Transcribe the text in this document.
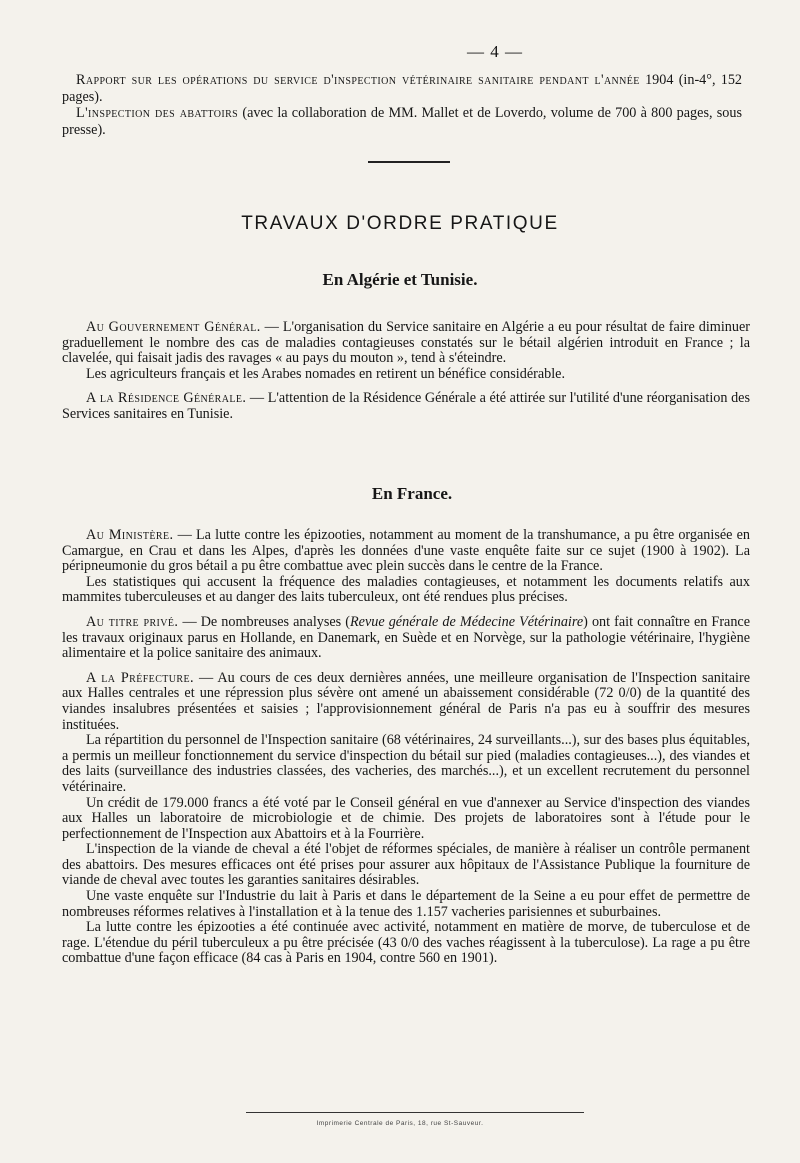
— 4 —

Rapport sur les opérations du service d'inspection vétérinaire sanitaire pendant l'année 1904 (in-4°, 152 pages).

L'inspection des abattoirs (avec la collaboration de MM. Mallet et de Loverdo, volume de 700 à 800 pages, sous presse).

TRAVAUX D'ORDRE PRATIQUE
En Algérie et Tunisie.

Au Gouvernement Général. — L'organisation du Service sanitaire en Algérie a eu pour résultat de faire diminuer graduellement le nombre des cas de maladies contagieuses constatés sur le bétail algérien introduit en France ; la clavelée, qui faisait jadis des ravages « au pays du mouton », tend à s'éteindre.

Les agriculteurs français et les Arabes nomades en retirent un bénéfice considérable.

A la Résidence Générale. — L'attention de la Résidence Générale a été attirée sur l'utilité d'une réorganisation des Services sanitaires en Tunisie.

En France.

Au Ministère. — La lutte contre les épizooties, notamment au moment de la transhumance, a pu être organisée en Camargue, en Crau et dans les Alpes, d'après les données d'une vaste enquête faite sur ce sujet (1900 à 1902). La péripneumonie du gros bétail a pu être combattue avec plein succès dans le centre de la France.

Les statistiques qui accusent la fréquence des maladies contagieuses, et notamment les documents relatifs aux mammites tuberculeuses et au danger des laits tuberculeux, ont été rendues plus précises.

Au titre privé. — De nombreuses analyses (Revue générale de Médecine Vétérinaire) ont fait connaître en France les travaux originaux parus en Hollande, en Danemark, en Suède et en Norvège, sur la pathologie vétérinaire, l'hygiène alimentaire et la police sanitaire des animaux.

A la Préfecture. — Au cours de ces deux dernières années, une meilleure organisation de l'Inspection sanitaire aux Halles centrales et une répression plus sévère ont amené un abaissement considérable (72 0/0) de la quantité des viandes insalubres présentées et saisies ; l'approvisionnement général de Paris n'a pas eu à souffrir des mesures instituées.

La répartition du personnel de l'Inspection sanitaire (68 vétérinaires, 24 surveillants...), sur des bases plus équitables, a permis un meilleur fonctionnement du service d'inspection du bétail sur pied (maladies contagieuses...), des viandes et des laits (surveillance des industries classées, des vacheries, des marchés...), et un excellent recrutement du personnel vétérinaire.

Un crédit de 179.000 francs a été voté par le Conseil général en vue d'annexer au Service d'inspection des viandes aux Halles un laboratoire de microbiologie et de chimie. Des projets de laboratoires sont à l'étude pour le perfectionnement de l'Inspection aux Abattoirs et à la Fourrière.

L'inspection de la viande de cheval a été l'objet de réformes spéciales, de manière à réaliser un contrôle permanent des abattoirs. Des mesures efficaces ont été prises pour assurer aux hôpitaux de l'Assistance Publique la fourniture de viande de cheval avec toutes les garanties sanitaires désirables.

Une vaste enquête sur l'Industrie du lait à Paris et dans le département de la Seine a eu pour effet de permettre de nombreuses réformes relatives à l'installation et à la tenue des 1.157 vacheries parisiennes et suburbaines.

La lutte contre les épizooties a été continuée avec activité, notamment en matière de morve, de tuberculose et de rage. L'étendue du péril tuberculeux a pu être précisée (43 0/0 des vaches réagissent à la tuberculose). La rage a pu être combattue d'une façon efficace (84 cas à Paris en 1904, contre 560 en 1901).

Imprimerie Centrale de Paris, 18, rue St-Sauveur.
